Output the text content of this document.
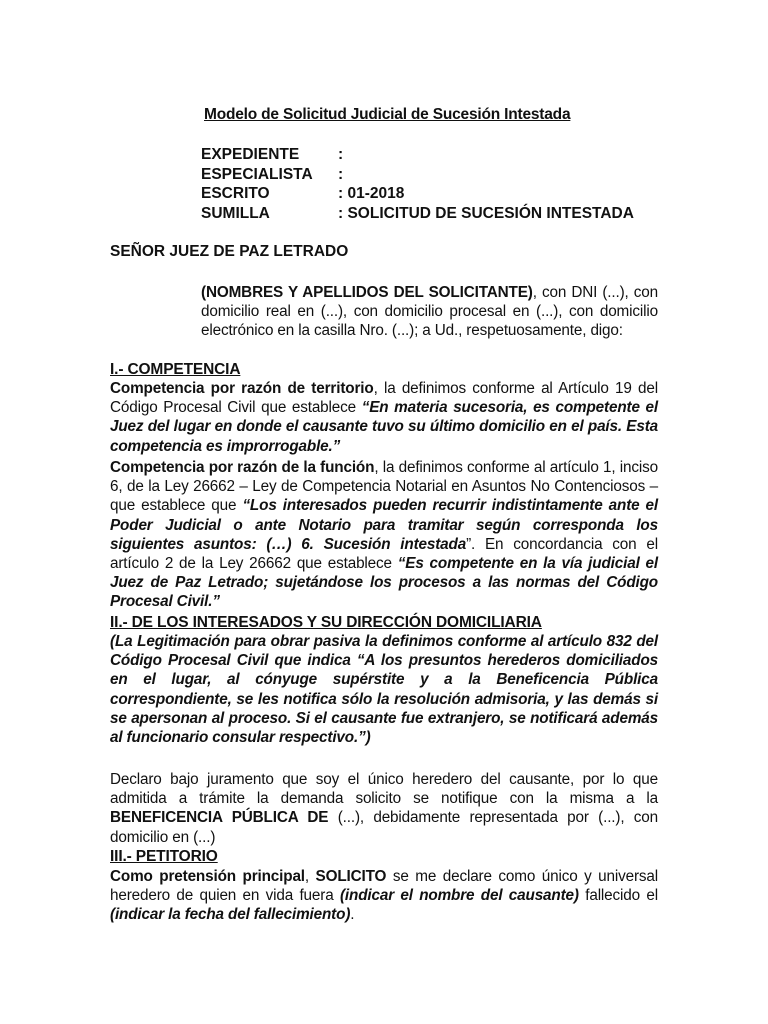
Modelo de Solicitud Judicial de Sucesión Intestada
EXPEDIENTE	:
ESPECIALISTA	:
ESCRITO	: 01-2018
SUMILLA	: SOLICITUD DE SUCESIÓN INTESTADA
SEÑOR JUEZ DE PAZ LETRADO

(NOMBRES Y APELLIDOS DEL SOLICITANTE), con DNI (...), con domicilio real en (...), con domicilio procesal en (...), con domicilio electrónico en la casilla Nro. (...); a Ud., respetuosamente, digo:

I.- COMPETENCIA

Competencia por razón de territorio, la definimos conforme al Artículo 19 del Código Procesal Civil que establece “En materia sucesoria, es competente el Juez del lugar en donde el causante tuvo su último domicilio en el país. Esta competencia es improrrogable.”

Competencia por razón de la función, la definimos conforme al artículo 1, inciso 6, de la Ley 26662 – Ley de Competencia Notarial en Asuntos No Contenciosos – que establece que “Los interesados pueden recurrir indistintamente ante el Poder Judicial o ante Notario para tramitar según corresponda los siguientes asuntos: (…) 6. Sucesión intestada”. En concordancia con el artículo 2 de la Ley 26662 que establece “Es competente en la vía judicial el Juez de Paz Letrado; sujetándose los procesos a las normas del Código Procesal Civil.”

II.- DE LOS INTERESADOS Y SU DIRECCIÓN DOMICILIARIA

(La Legitimación para obrar pasiva la definimos conforme al artículo 832 del Código Procesal Civil que indica “A los presuntos herederos domiciliados en el lugar, al cónyuge supérstite y a la Beneficencia Pública correspondiente, se les notifica sólo la resolución admisoria, y las demás si se apersonan al proceso. Si el causante fue extranjero, se notificará además al funcionario consular respectivo.”)

Declaro bajo juramento que soy el único heredero del causante, por lo que admitida a trámite la demanda solicito se notifique con la misma a la BENEFICENCIA PÚBLICA DE (...), debidamente representada por (...), con domicilio en (...)

III.- PETITORIO

Como pretensión principal, SOLICITO se me declare como único y universal heredero de quien en vida fuera (indicar el nombre del causante) fallecido el (indicar la fecha del fallecimiento).
